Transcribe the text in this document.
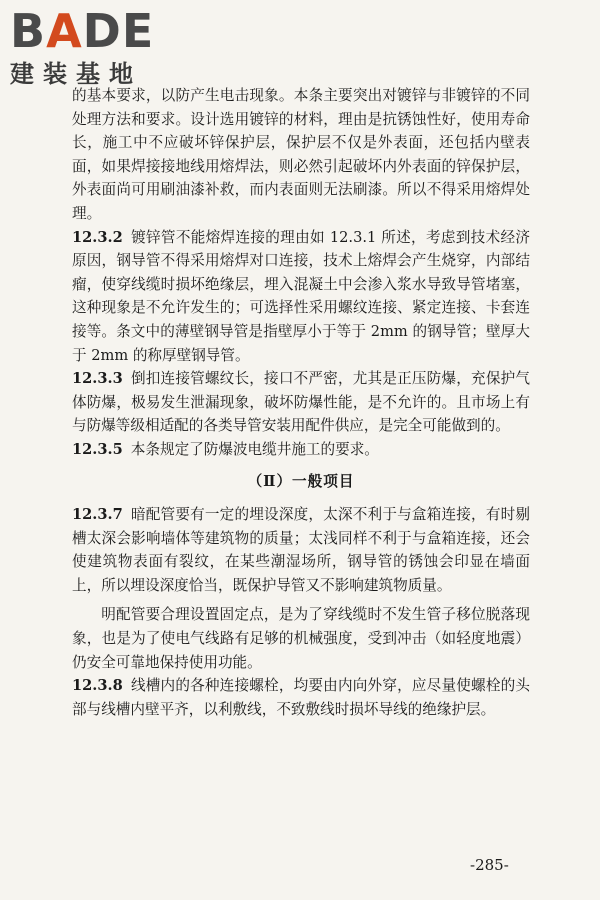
BADE
建装基地

的基本要求，以防产生电击现象。本条主要突出对镀锌与非镀锌的不同处理方法和要求。设计选用镀锌的材料，理由是抗锈蚀性好，使用寿命长，施工中不应破坏锌保护层，保护层不仅是外表面，还包括内壁表面，如果焊接接地线用熔焊法，则必然引起破坏内外表面的锌保护层，外表面尚可用刷油漆补救，而内表面则无法刷漆。所以不得采用熔焊处理。

12.3.2 镀锌管不能熔焊连接的理由如 12.3.1 所述，考虑到技术经济原因，钢导管不得采用熔焊对口连接，技术上熔焊会产生烧穿，内部结瘤，使穿线缆时损坏绝缘层，埋入混凝土中会渗入浆水导致导管堵塞，这种现象是不允许发生的；可选择性采用螺纹连接、紧定连接、卡套连接等。条文中的薄壁钢导管是指壁厚小于等于 2mm 的钢导管；壁厚大于 2mm 的称厚壁钢导管。

12.3.3 倒扣连接管螺纹长，接口不严密，尤其是正压防爆，充保护气体防爆，极易发生泄漏现象，破坏防爆性能，是不允许的。且市场上有与防爆等级相适配的各类导管安装用配件供应，是完全可能做到的。

12.3.5 本条规定了防爆波电缆井施工的要求。

（Ⅱ）一般项目

12.3.7 暗配管要有一定的埋设深度，太深不利于与盒箱连接，有时剔槽太深会影响墙体等建筑物的质量；太浅同样不利于与盒箱连接，还会使建筑物表面有裂纹，在某些潮湿场所，钢导管的锈蚀会印显在墙面上，所以埋设深度恰当，既保护导管又不影响建筑物质量。

明配管要合理设置固定点，是为了穿线缆时不发生管子移位脱落现象，也是为了使电气线路有足够的机械强度，受到冲击（如轻度地震）仍安全可靠地保持使用功能。

12.3.8 线槽内的各种连接螺栓，均要由内向外穿，应尽量使螺栓的头部与线槽内壁平齐，以利敷线，不致敷线时损坏导线的绝缘护层。

-285-
